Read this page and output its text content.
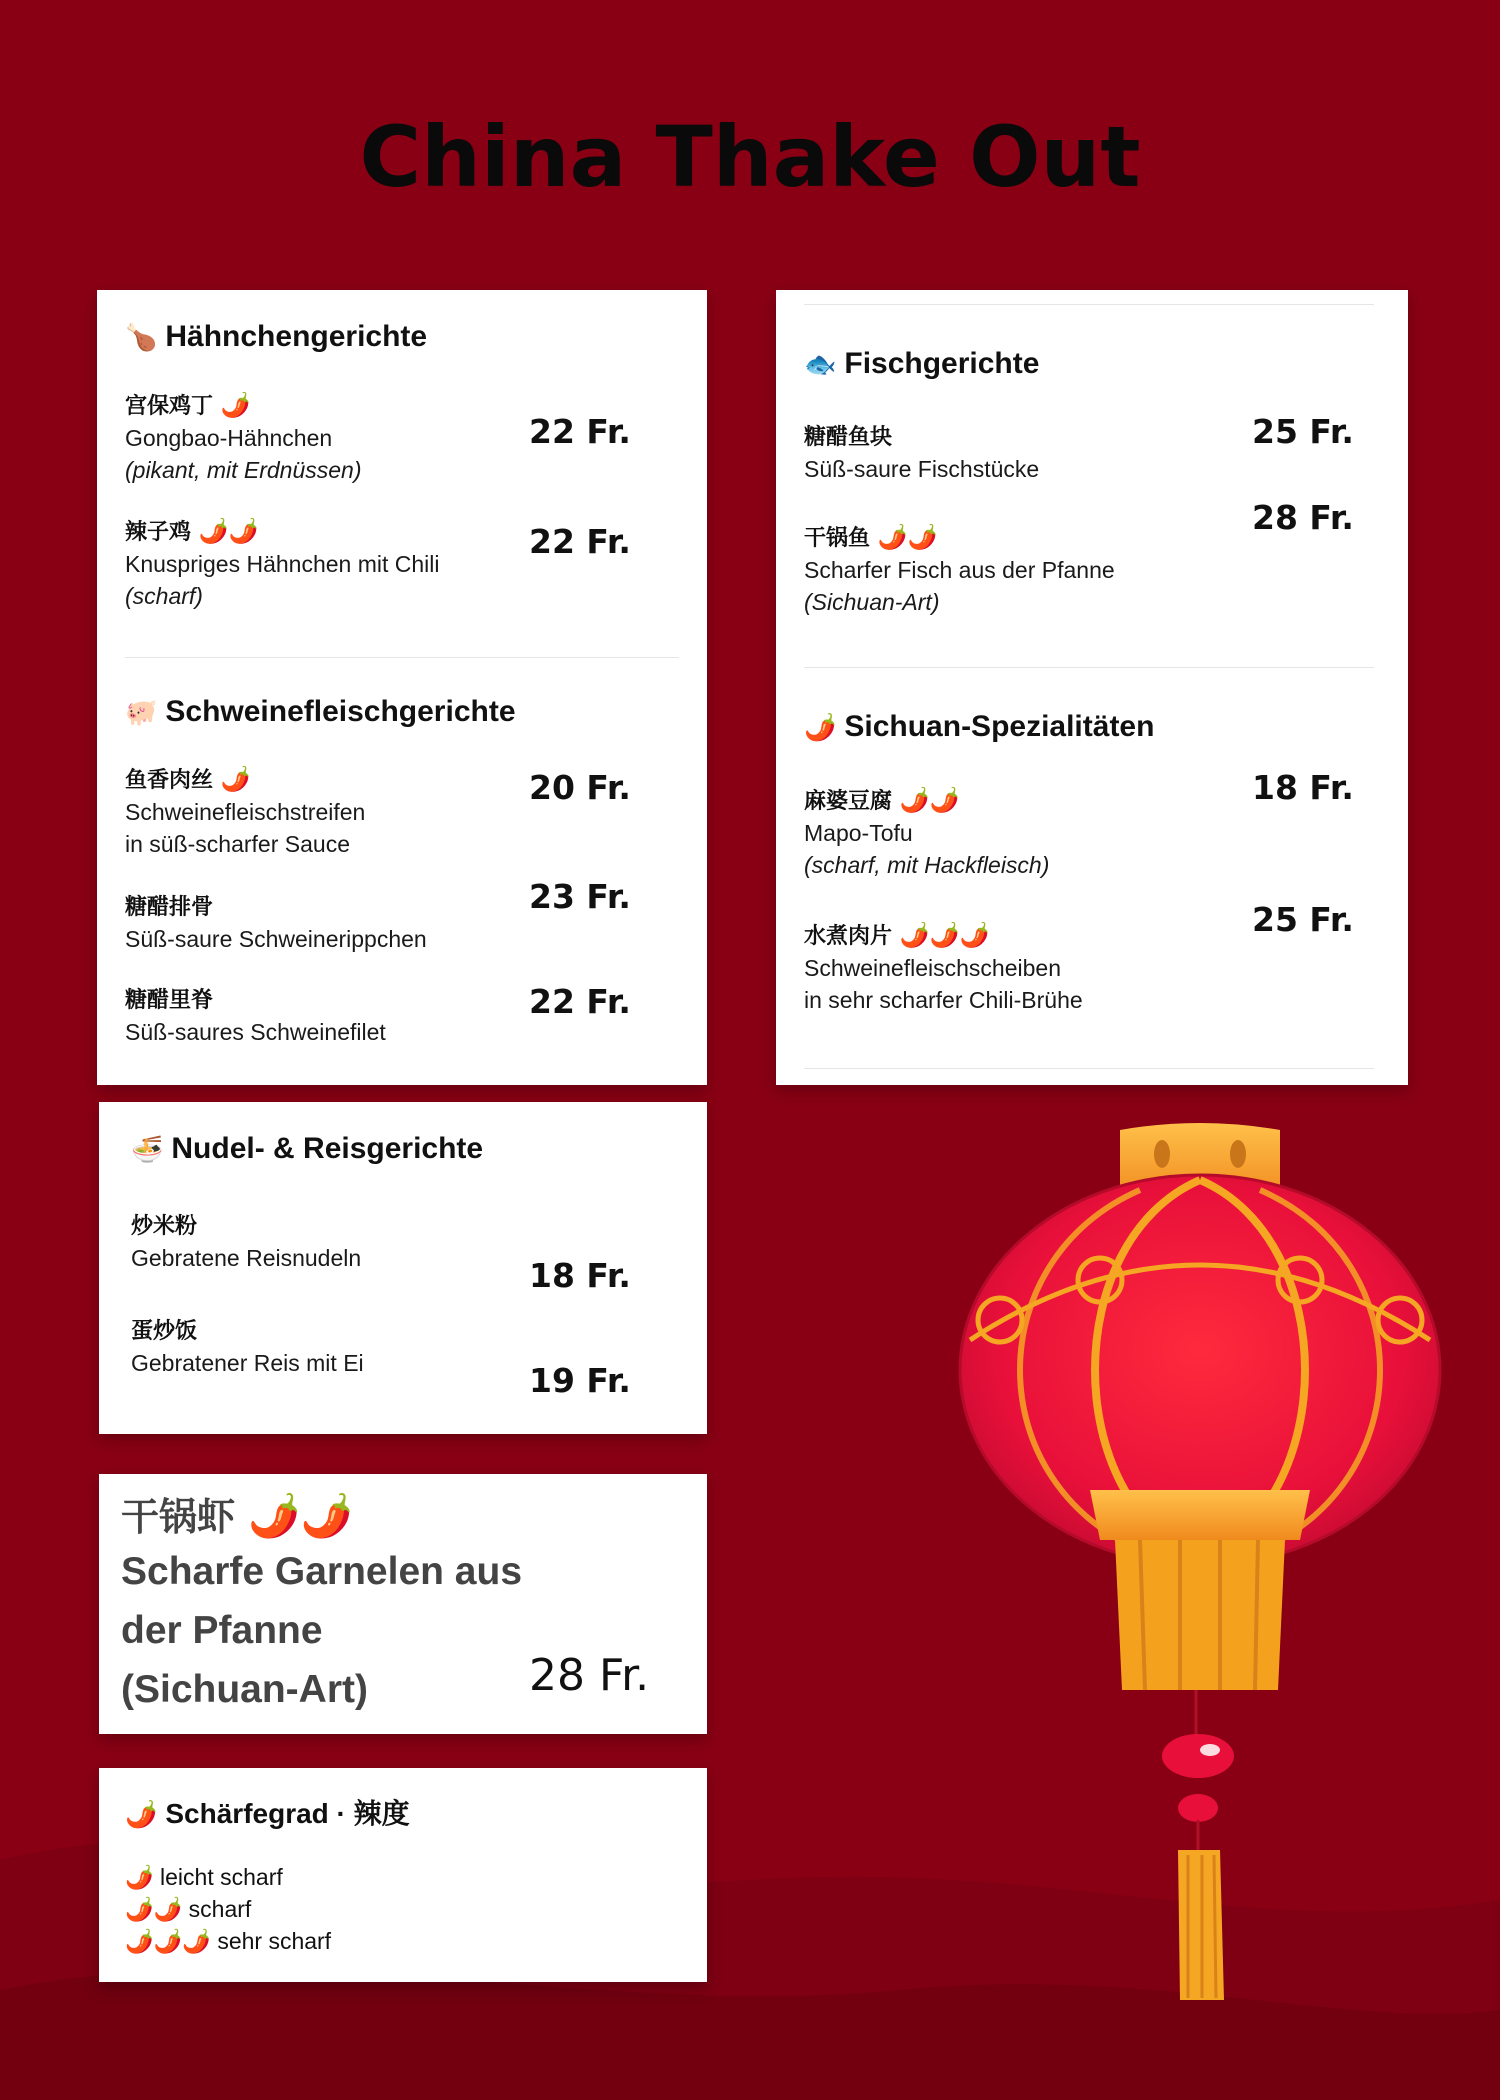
China Thake Out
🍗 Hähnchengerichte
宫保鸡丁 🌶️
Gongbao-Hähnchen
(pikant, mit Erdnüssen)
22 Fr.
辣子鸡 🌶️🌶️
Knuspriges Hähnchen mit Chili
(scharf)
22 Fr.
🐖 Schweinefleischgerichte
鱼香肉丝 🌶️
Schweinefleischstreifen
in süß-scharfer Sauce
20 Fr.
糖醋排骨
Süß-saure Schweinerippchen
23 Fr.
糖醋里脊
Süß-saures Schweinefilet
22 Fr.
🐟 Fischgerichte
糖醋鱼块
Süß-saure Fischstücke
25 Fr.
干锅鱼 🌶️🌶️
Scharfer Fisch aus der Pfanne
(Sichuan-Art)
28 Fr.
🌶️ Sichuan-Spezialitäten
麻婆豆腐 🌶️🌶️
Mapo-Tofu
(scharf, mit Hackfleisch)
18 Fr.
水煮肉片 🌶️🌶️🌶️
Schweinefleischscheiben
in sehr scharfer Chili-Brühe
25 Fr.
🍜 Nudel- & Reisgerichte
炒米粉
Gebratene Reisnudeln	18 Fr.
蛋炒饭
Gebratener Reis mit Ei	19 Fr.
干锅虾 🌶️🌶️
Scharfe Garnelen aus
der Pfanne
(Sichuan-Art)	28 Fr.
🌶️ Schärfegrad · 辣度
🌶️ leicht scharf
🌶️🌶️ scharf
🌶️🌶️🌶️ sehr scharf
